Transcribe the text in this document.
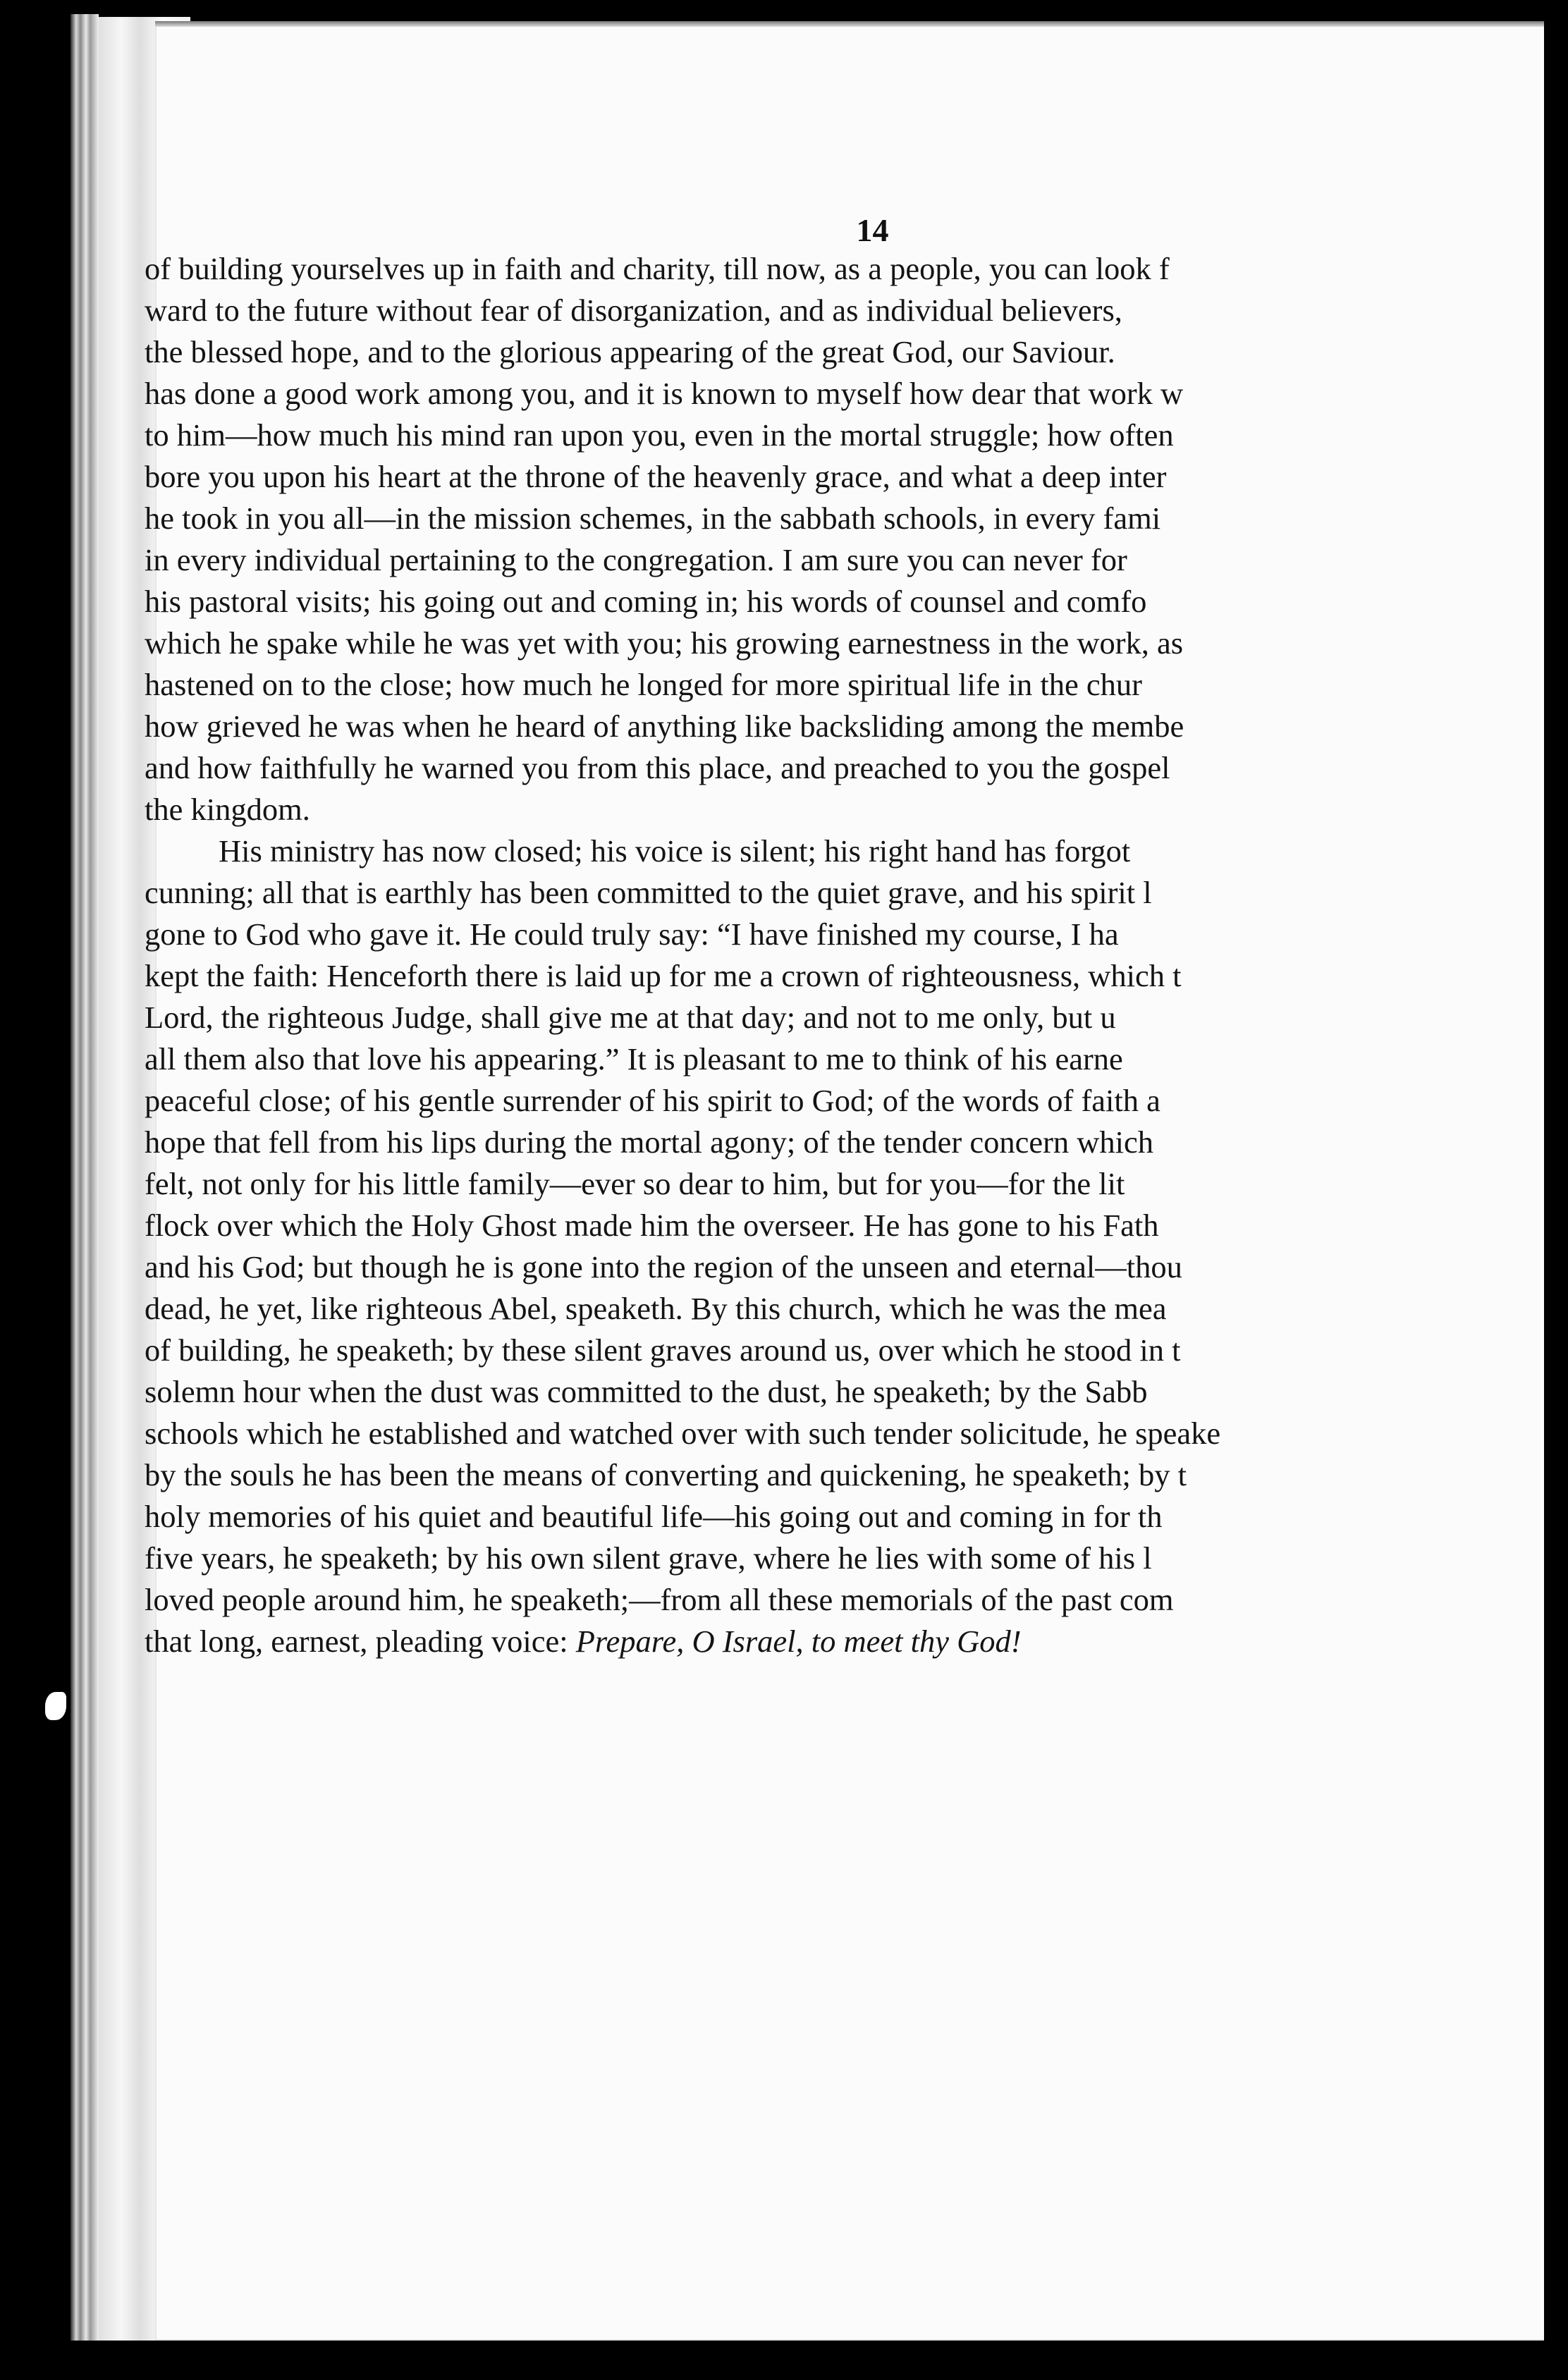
14
of building yourselves up in faith and charity, till now, as a people, you can look f
ward to the future without fear of disorganization, and as individual believers,
the blessed hope, and to the glorious appearing of the great God, our Saviour.
has done a good work among you, and it is known to myself how dear that work w
to him—how much his mind ran upon you, even in the mortal struggle; how often
bore you upon his heart at the throne of the heavenly grace, and what a deep inter
he took in you all—in the mission schemes, in the sabbath schools, in every fami
in every individual pertaining to the congregation. I am sure you can never for
his pastoral visits; his going out and coming in; his words of counsel and comfo
which he spake while he was yet with you; his growing earnestness in the work, as
hastened on to the close; how much he longed for more spiritual life in the chur
how grieved he was when he heard of anything like backsliding among the membe
and how faithfully he warned you from this place, and preached to you the gospel
the kingdom.
His ministry has now closed; his voice is silent; his right hand has forgot
cunning; all that is earthly has been committed to the quiet grave, and his spirit l
gone to God who gave it. He could truly say: “I have finished my course, I ha
kept the faith: Henceforth there is laid up for me a crown of righteousness, which t
Lord, the righteous Judge, shall give me at that day; and not to me only, but u
all them also that love his appearing.” It is pleasant to me to think of his earne
peaceful close; of his gentle surrender of his spirit to God; of the words of faith a
hope that fell from his lips during the mortal agony; of the tender concern which
felt, not only for his little family—ever so dear to him, but for you—for the lit
flock over which the Holy Ghost made him the overseer. He has gone to his Fath
and his God; but though he is gone into the region of the unseen and eternal—thou
dead, he yet, like righteous Abel, speaketh. By this church, which he was the mea
of building, he speaketh; by these silent graves around us, over which he stood in t
solemn hour when the dust was committed to the dust, he speaketh; by the Sabb
schools which he established and watched over with such tender solicitude, he speake
by the souls he has been the means of converting and quickening, he speaketh; by t
holy memories of his quiet and beautiful life—his going out and coming in for th
five years, he speaketh; by his own silent grave, where he lies with some of his l
loved people around him, he speaketh;—from all these memorials of the past com
that long, earnest, pleading voice: Prepare, O Israel, to meet thy God!
